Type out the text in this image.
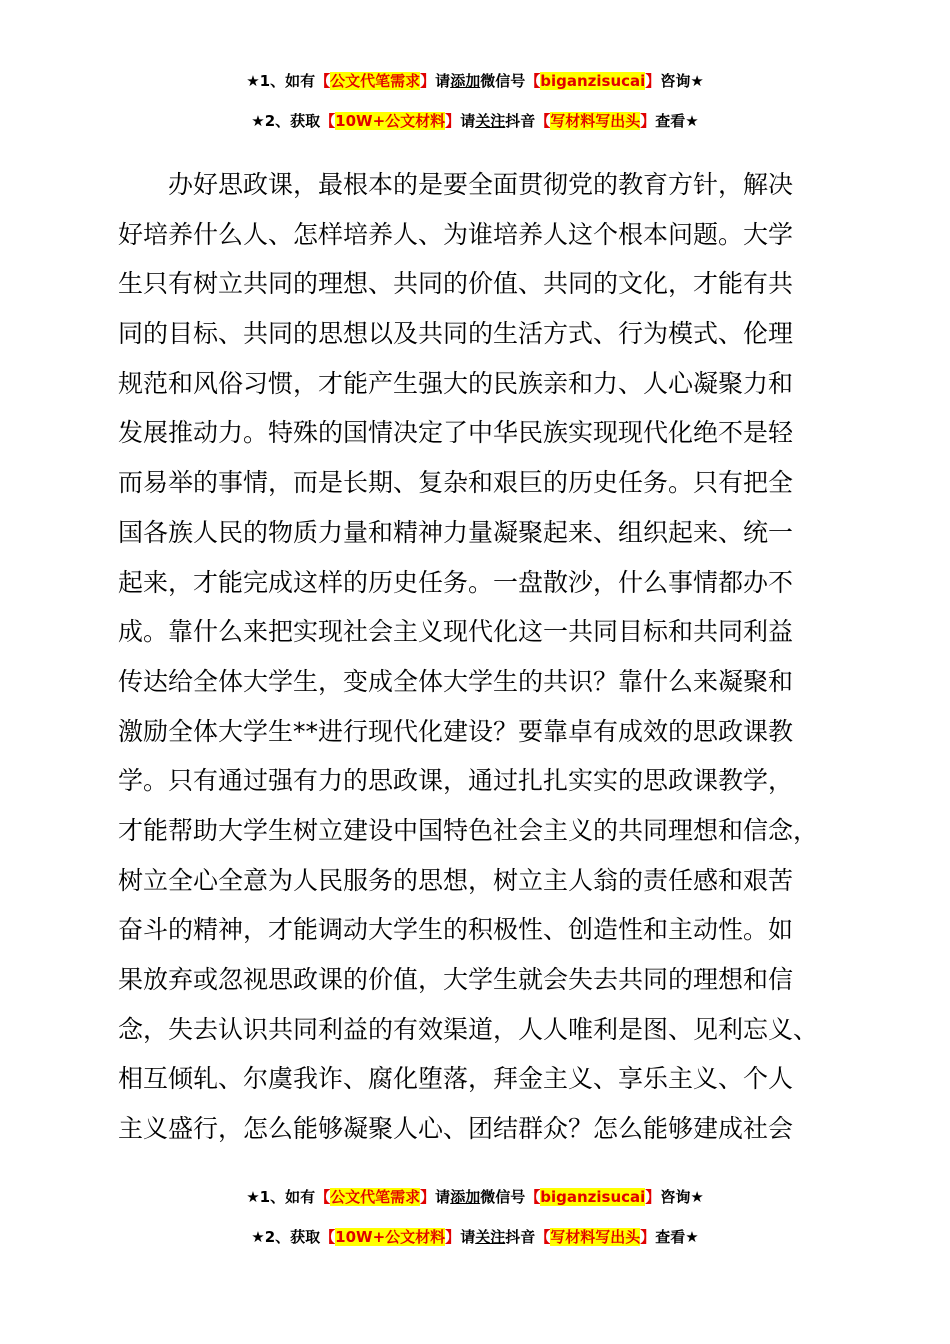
★1、如有【公文代笔需求】请添加微信号【biganzisucai】咨询★
★2、获取【10W+公文材料】请关注抖音【写材料写出头】查看★
办好思政课，最根本的是要全面贯彻党的教育方针，解决
好培养什么人、怎样培养人、为谁培养人这个根本问题。大学
生只有树立共同的理想、共同的价值、共同的文化，才能有共
同的目标、共同的思想以及共同的生活方式、行为模式、伦理
规范和风俗习惯，才能产生强大的民族亲和力、人心凝聚力和
发展推动力。特殊的国情决定了中华民族实现现代化绝不是轻
而易举的事情，而是长期、复杂和艰巨的历史任务。只有把全
国各族人民的物质力量和精神力量凝聚起来、组织起来、统一
起来，才能完成这样的历史任务。一盘散沙，什么事情都办不
成。靠什么来把实现社会主义现代化这一共同目标和共同利益
传达给全体大学生，变成全体大学生的共识？靠什么来凝聚和
激励全体大学生**进行现代化建设？要靠卓有成效的思政课教
学。只有通过强有力的思政课，通过扎扎实实的思政课教学，
才能帮助大学生树立建设中国特色社会主义的共同理想和信念，
树立全心全意为人民服务的思想，树立主人翁的责任感和艰苦
奋斗的精神，才能调动大学生的积极性、创造性和主动性。如
果放弃或忽视思政课的价值，大学生就会失去共同的理想和信
念，失去认识共同利益的有效渠道，人人唯利是图、见利忘义、
相互倾轧、尔虞我诈、腐化堕落，拜金主义、享乐主义、个人
主义盛行，怎么能够凝聚人心、团结群众？怎么能够建成社会
★1、如有【公文代笔需求】请添加微信号【biganzisucai】咨询★
★2、获取【10W+公文材料】请关注抖音【写材料写出头】查看★
